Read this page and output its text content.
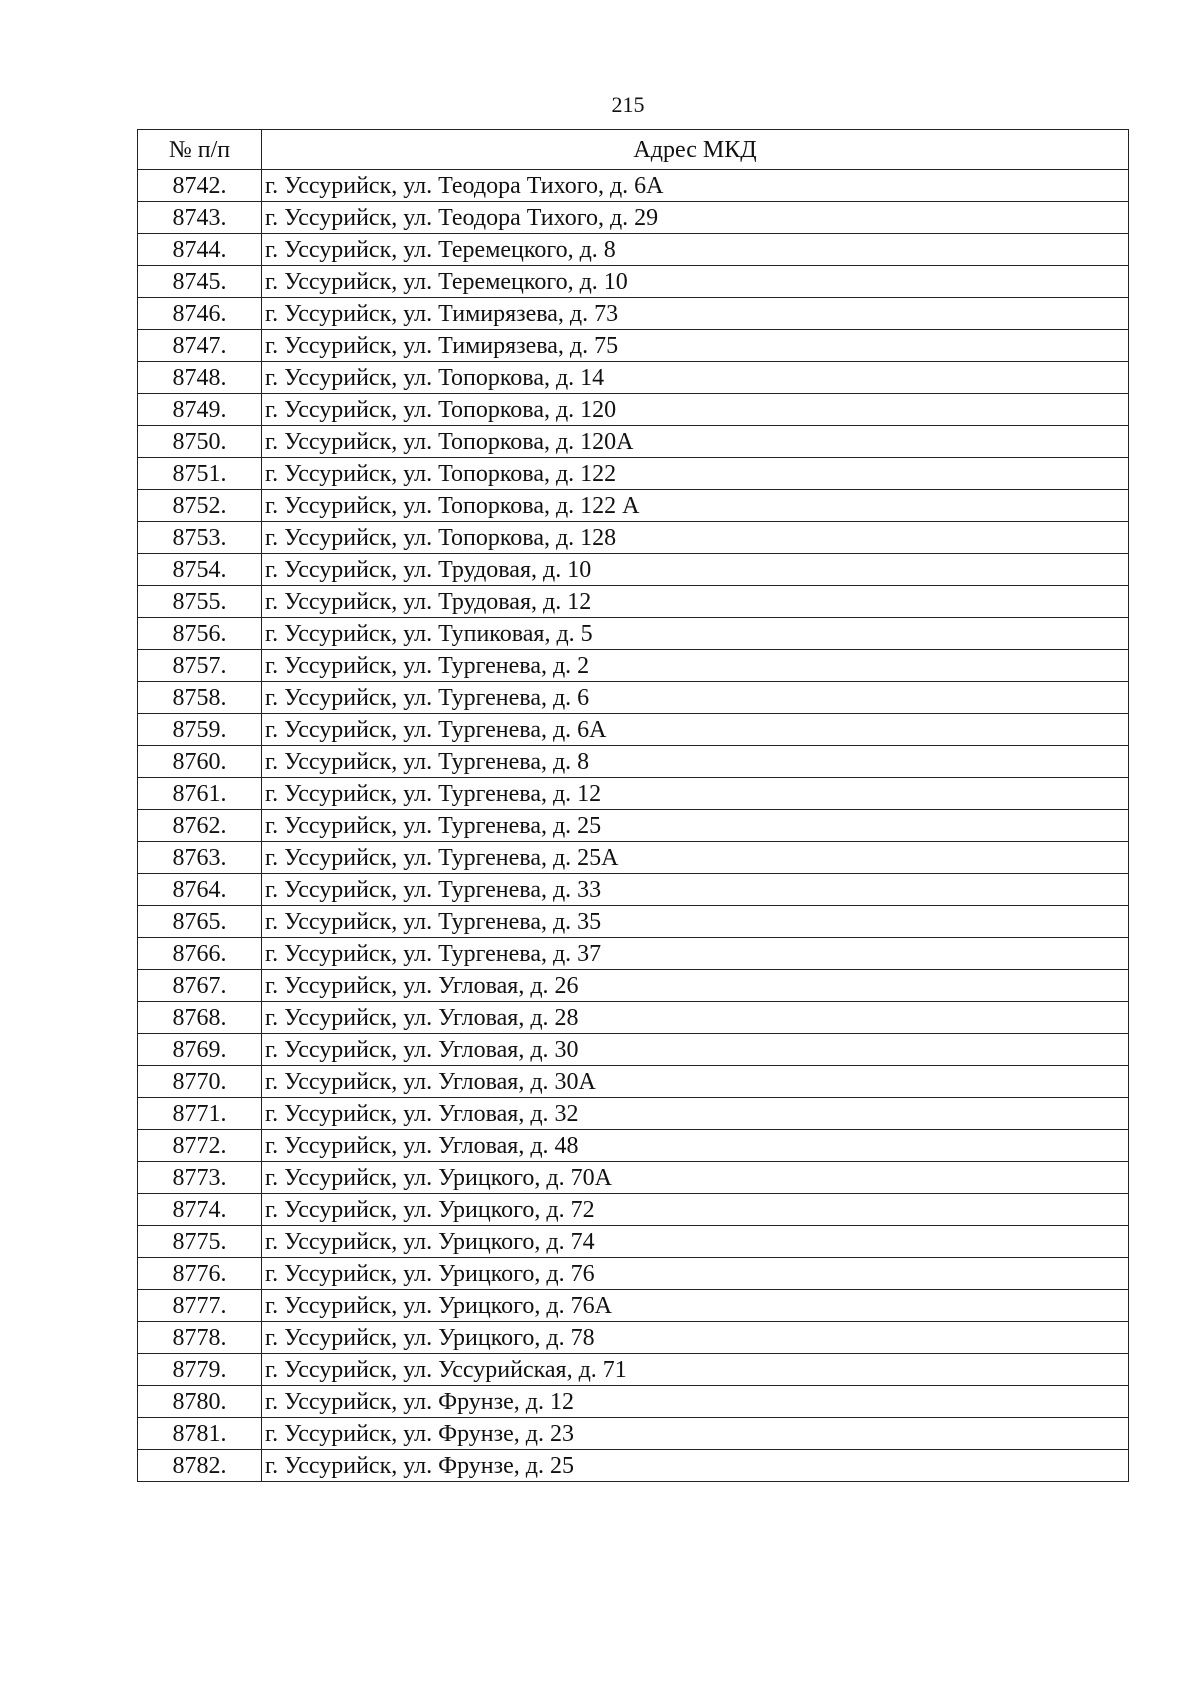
215
№ п/п	Адрес МКД
8742.	г. Уссурийск, ул. Теодора Тихого, д. 6А
8743.	г. Уссурийск, ул. Теодора Тихого, д. 29
8744.	г. Уссурийск, ул. Теремецкого, д. 8
8745.	г. Уссурийск, ул. Теремецкого, д. 10
8746.	г. Уссурийск, ул. Тимирязева, д. 73
8747.	г. Уссурийск, ул. Тимирязева, д. 75
8748.	г. Уссурийск, ул. Топоркова, д. 14
8749.	г. Уссурийск, ул. Топоркова, д. 120
8750.	г. Уссурийск, ул. Топоркова, д. 120А
8751.	г. Уссурийск, ул. Топоркова, д. 122
8752.	г. Уссурийск, ул. Топоркова, д. 122 А
8753.	г. Уссурийск, ул. Топоркова, д. 128
8754.	г. Уссурийск, ул. Трудовая, д. 10
8755.	г. Уссурийск, ул. Трудовая, д. 12
8756.	г. Уссурийск, ул. Тупиковая, д. 5
8757.	г. Уссурийск, ул. Тургенева, д. 2
8758.	г. Уссурийск, ул. Тургенева, д. 6
8759.	г. Уссурийск, ул. Тургенева, д. 6А
8760.	г. Уссурийск, ул. Тургенева, д. 8
8761.	г. Уссурийск, ул. Тургенева, д. 12
8762.	г. Уссурийск, ул. Тургенева, д. 25
8763.	г. Уссурийск, ул. Тургенева, д. 25А
8764.	г. Уссурийск, ул. Тургенева, д. 33
8765.	г. Уссурийск, ул. Тургенева, д. 35
8766.	г. Уссурийск, ул. Тургенева, д. 37
8767.	г. Уссурийск, ул. Угловая, д. 26
8768.	г. Уссурийск, ул. Угловая, д. 28
8769.	г. Уссурийск, ул. Угловая, д. 30
8770.	г. Уссурийск, ул. Угловая, д. 30А
8771.	г. Уссурийск, ул. Угловая, д. 32
8772.	г. Уссурийск, ул. Угловая, д. 48
8773.	г. Уссурийск, ул. Урицкого, д. 70А
8774.	г. Уссурийск, ул. Урицкого, д. 72
8775.	г. Уссурийск, ул. Урицкого, д. 74
8776.	г. Уссурийск, ул. Урицкого, д. 76
8777.	г. Уссурийск, ул. Урицкого, д. 76А
8778.	г. Уссурийск, ул. Урицкого, д. 78
8779.	г. Уссурийск, ул. Уссурийская, д. 71
8780.	г. Уссурийск, ул. Фрунзе, д. 12
8781.	г. Уссурийск, ул. Фрунзе, д. 23
8782.	г. Уссурийск, ул. Фрунзе, д. 25
